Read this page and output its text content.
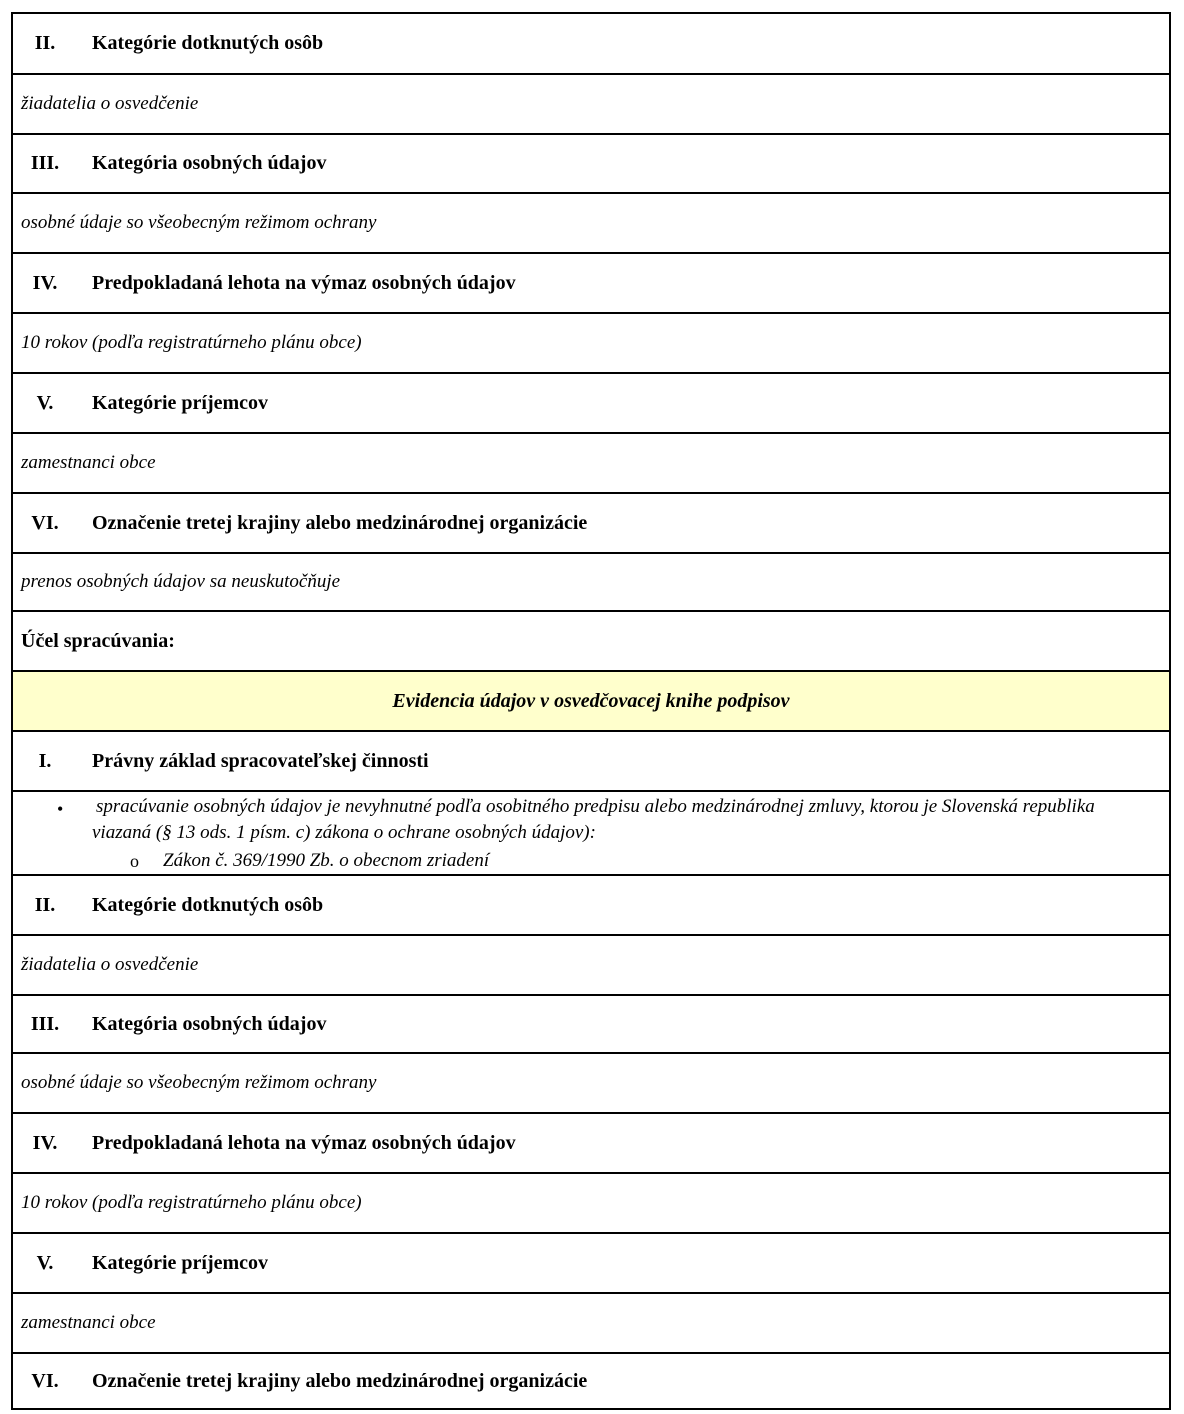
II.	Kategórie dotknutých osôb
žiadatelia o osvedčenie
III.	Kategória osobných údajov
osobné údaje so všeobecným režimom ochrany
IV.	Predpokladaná lehota na výmaz osobných údajov
10 rokov (podľa registratúrneho plánu obce)
V.	Kategórie príjemcov
zamestnanci obce
VI.	Označenie tretej krajiny alebo medzinárodnej organizácie
prenos osobných údajov sa neuskutočňuje
Účel spracúvania:
Evidencia údajov v osvedčovacej knihe podpisov
I.	Právny základ spracovateľskej činnosti
• spracúvanie osobných údajov je nevyhnutné podľa osobitného predpisu alebo medzinárodnej zmluvy, ktorou je Slovenská republika viazaná (§ 13 ods. 1 písm. c) zákona o ochrane osobných údajov):
o Zákon č. 369/1990 Zb. o obecnom zriadení
II.	Kategórie dotknutých osôb
žiadatelia o osvedčenie
III.	Kategória osobných údajov
osobné údaje so všeobecným režimom ochrany
IV.	Predpokladaná lehota na výmaz osobných údajov
10 rokov (podľa registratúrneho plánu obce)
V.	Kategórie príjemcov
zamestnanci obce
VI.	Označenie tretej krajiny alebo medzinárodnej organizácie
